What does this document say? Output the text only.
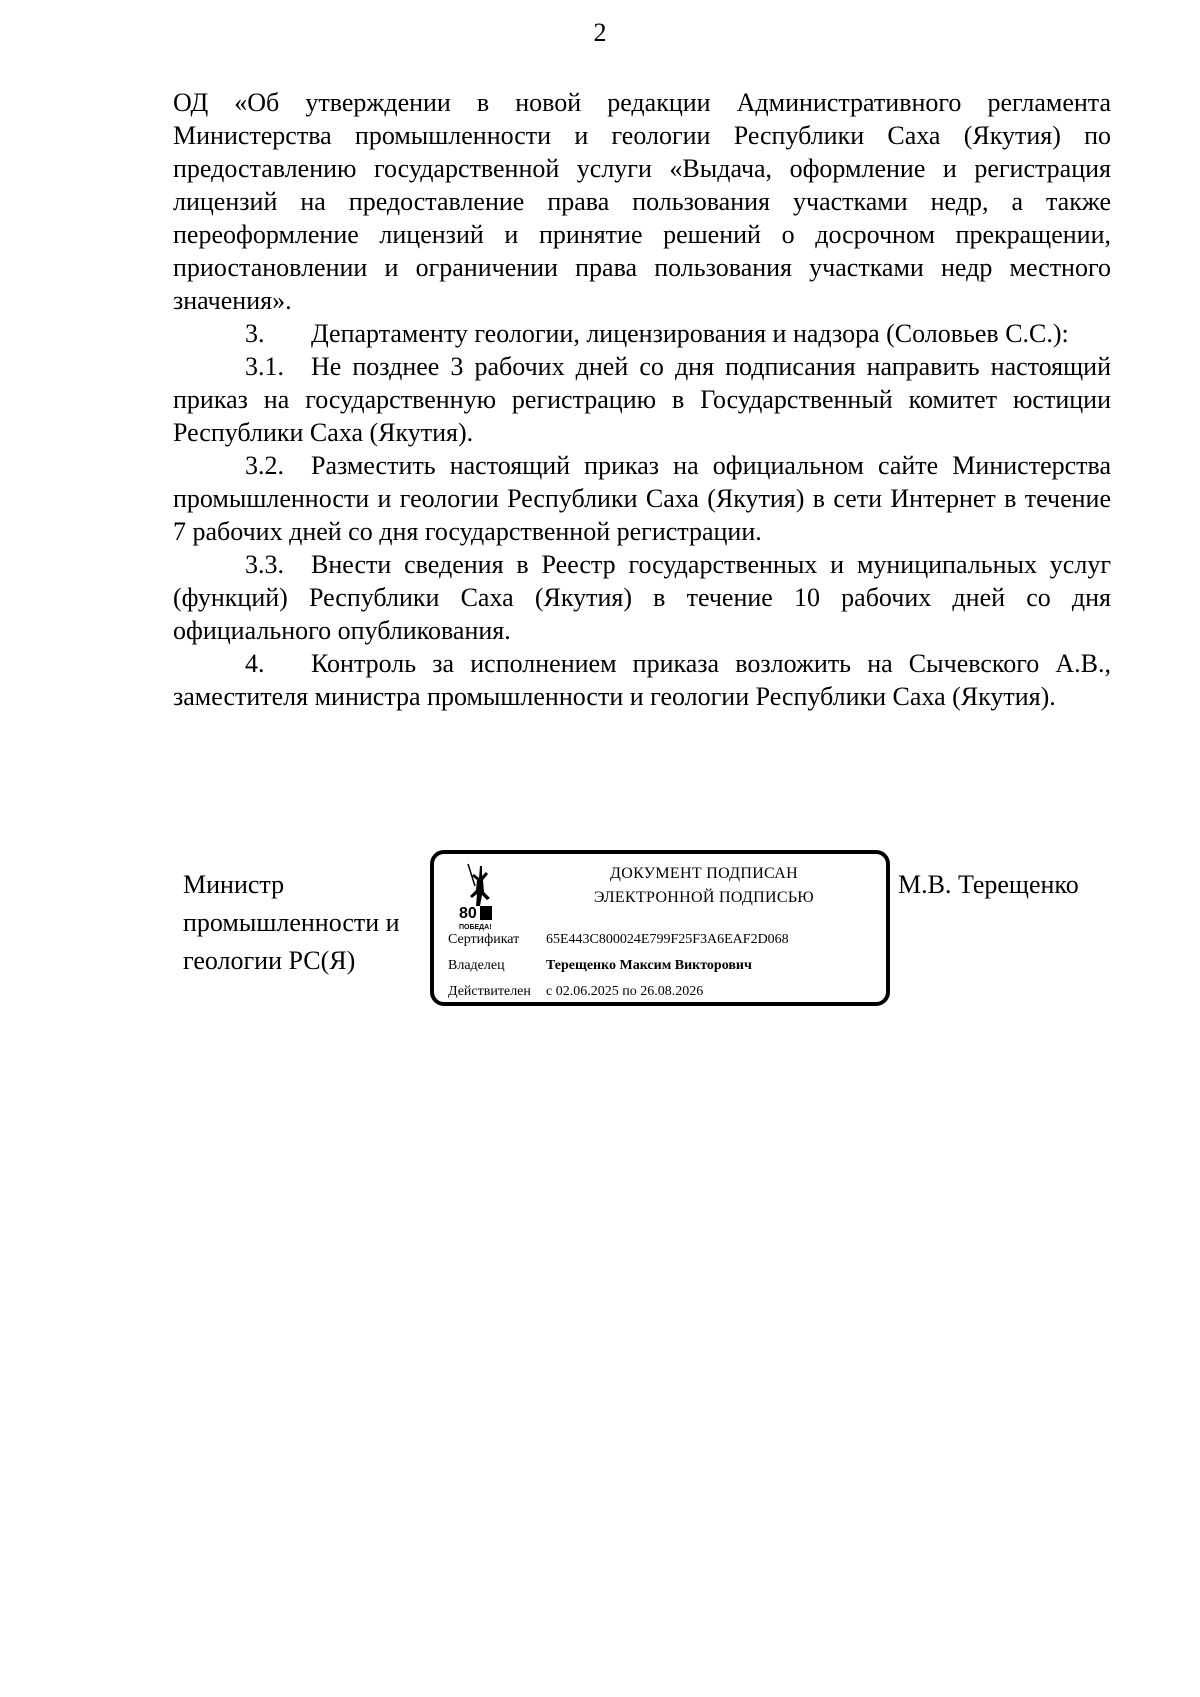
2

ОД «Об утверждении в новой редакции Административного регламента Министерства промышленности и геологии Республики Саха (Якутия) по предоставлению государственной услуги «Выдача, оформление и регистрация лицензий на предоставление права пользования участками недр, а также переоформление лицензий и принятие решений о досрочном прекращении, приостановлении и ограничении права пользования участками недр местного значения».

3. Департаменту геологии, лицензирования и надзора (Соловьев С.С.):

3.1. Не позднее 3 рабочих дней со дня подписания направить настоящий приказ на государственную регистрацию в Государственный комитет юстиции Республики Саха (Якутия).

3.2. Разместить настоящий приказ на официальном сайте Министерства промышленности и геологии Республики Саха (Якутия) в сети Интернет в течение 7 рабочих дней со дня государственной регистрации.

3.3. Внести сведения в Реестр государственных и муниципальных услуг (функций) Республики Саха (Якутия) в течение 10 рабочих дней со дня официального опубликования.

4. Контроль за исполнением приказа возложить на Сычевского А.В., заместителя министра промышленности и геологии Республики Саха (Якутия).

Министр
промышленности и
геологии РС(Я)
80
ПОБЕДА!
ДОКУМЕНТ ПОДПИСАН
ЭЛЕКТРОННОЙ ПОДПИСЬЮ
Сертификат 65E443C800024E799F25F3A6EAF2D068
Владелец	Терещенко Максим Викторович
Действителен с 02.06.2025 по 26.08.2026
М.В. Терещенко
